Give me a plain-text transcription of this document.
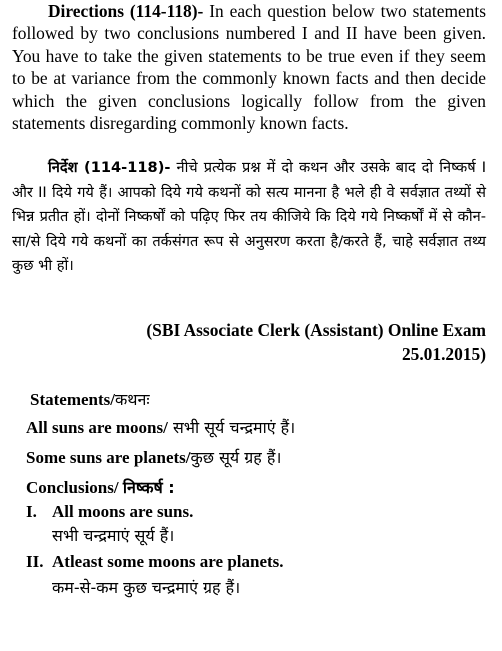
Directions (114-118)- In each question below two statements followed by two conclusions numbered I and II have been given. You have to take the given statements to be true even if they seem to be at variance from the commonly known facts and then decide which the given conclusions logically follow from the given statements disregarding commonly known facts.

निर्देश (114-118)- नीचे प्रत्येक प्रश्न में दो कथन और उसके बाद दो निष्कर्ष I और II दिये गये हैं। आपको दिये गये कथनों को सत्य मानना है भले ही वे सर्वज्ञात तथ्यों से भिन्न प्रतीत हों। दोनों निष्कर्षों को पढ़िए फिर तय कीजिये कि दिये गये निष्कर्षों में से कौन-सा/से दिये गये कथनों का तर्कसंगत रूप से अनुसरण करता है/करते हैं, चाहे सर्वज्ञात तथ्य कुछ भी हों।

(SBI Associate Clerk (Assistant) Online Exam
25.01.2015)
Statements/कथनः
All suns are moons/ सभी सूर्य चन्द्रमाएं हैं।
Some suns are planets/कुछ सूर्य ग्रह हैं।
Conclusions/ निष्कर्ष :
I. All moons are suns.
सभी चन्द्रमाएं सूर्य हैं।
II. Atleast some moons are planets.
कम-से-कम कुछ चन्द्रमाएं ग्रह हैं।
